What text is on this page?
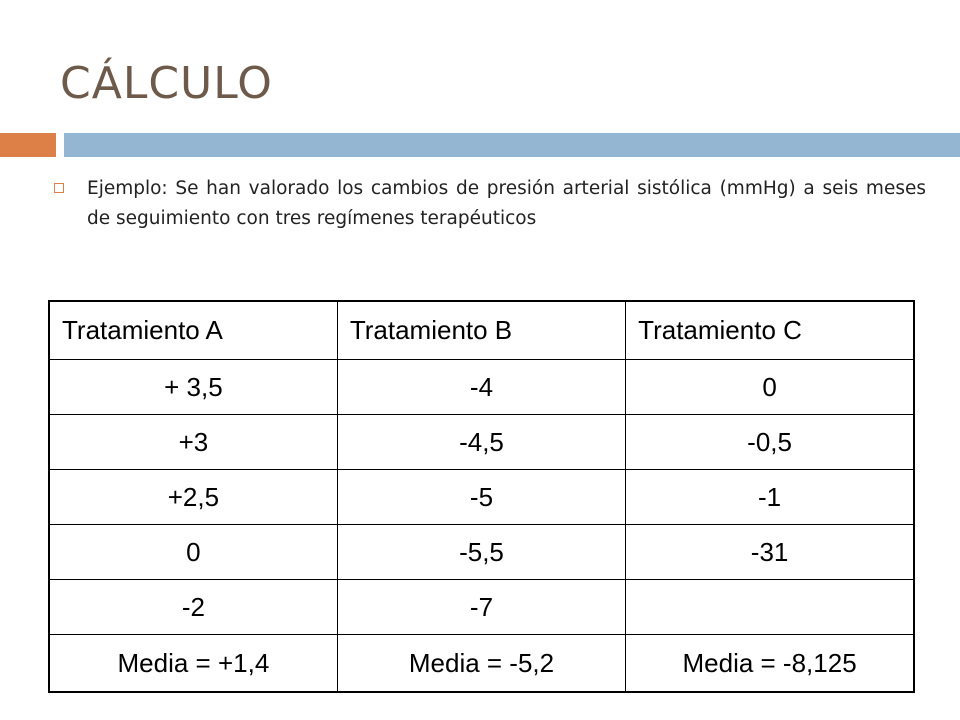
CÁLCULO
Ejemplo: Se han valorado los cambios de presión arterial sistólica (mmHg) a seis meses de seguimiento con tres regímenes terapéuticos
Tratamiento A	Tratamiento B	Tratamiento C
+ 3,5	-4	0
+3	-4,5	-0,5
+2,5	-5	-1
0	-5,5	-31
-2	-7	
Media = +1,4	Media = -5,2	Media = -8,125
